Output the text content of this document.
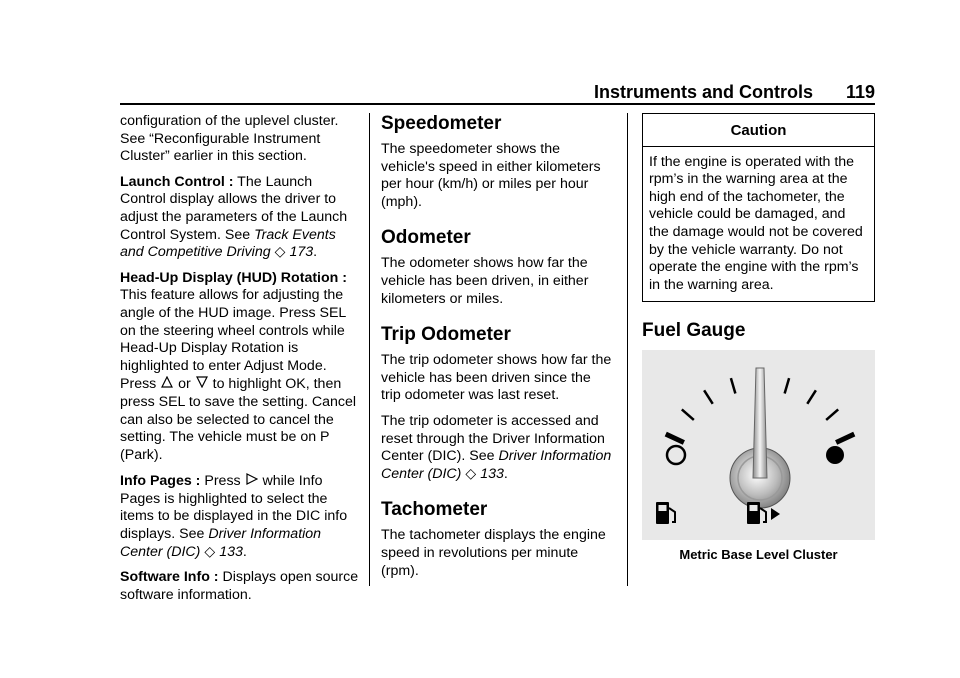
Instruments and Controls 119

configuration of the uplevel cluster. See “Reconfigurable Instrument Cluster” earlier in this section.

Launch Control : The Launch Control display allows the driver to adjust the parameters of the Launch Control System. See Track Events and Competitive Driving ◇ 173.

Head-Up Display (HUD) Rotation : This feature allows for adjusting the angle of the HUD image. Press SEL on the steering wheel controls while Head-Up Display Rotation is highlighted to enter Adjust Mode. Press  or  to highlight OK, then press SEL to save the setting. Cancel can also be selected to cancel the setting. The vehicle must be on P (Park).

Info Pages : Press  while Info Pages is highlighted to select the items to be displayed in the DIC info displays. See Driver Information Center (DIC) ◇ 133.

Software Info : Displays open source software information.

Speedometer

The speedometer shows the vehicle's speed in either kilometers per hour (km/h) or miles per hour (mph).

Odometer

The odometer shows how far the vehicle has been driven, in either kilometers or miles.

Trip Odometer

The trip odometer shows how far the vehicle has been driven since the trip odometer was last reset.

The trip odometer is accessed and reset through the Driver Information Center (DIC). See Driver Information Center (DIC) ◇ 133.

Tachometer

The tachometer displays the engine speed in revolutions per minute (rpm).

Caution

If the engine is operated with the rpm’s in the warning area at the high end of the tachometer, the vehicle could be damaged, and the damage would not be covered by the vehicle warranty. Do not operate the engine with the rpm’s in the warning area.

Fuel Gauge
Metric Base Level Cluster
